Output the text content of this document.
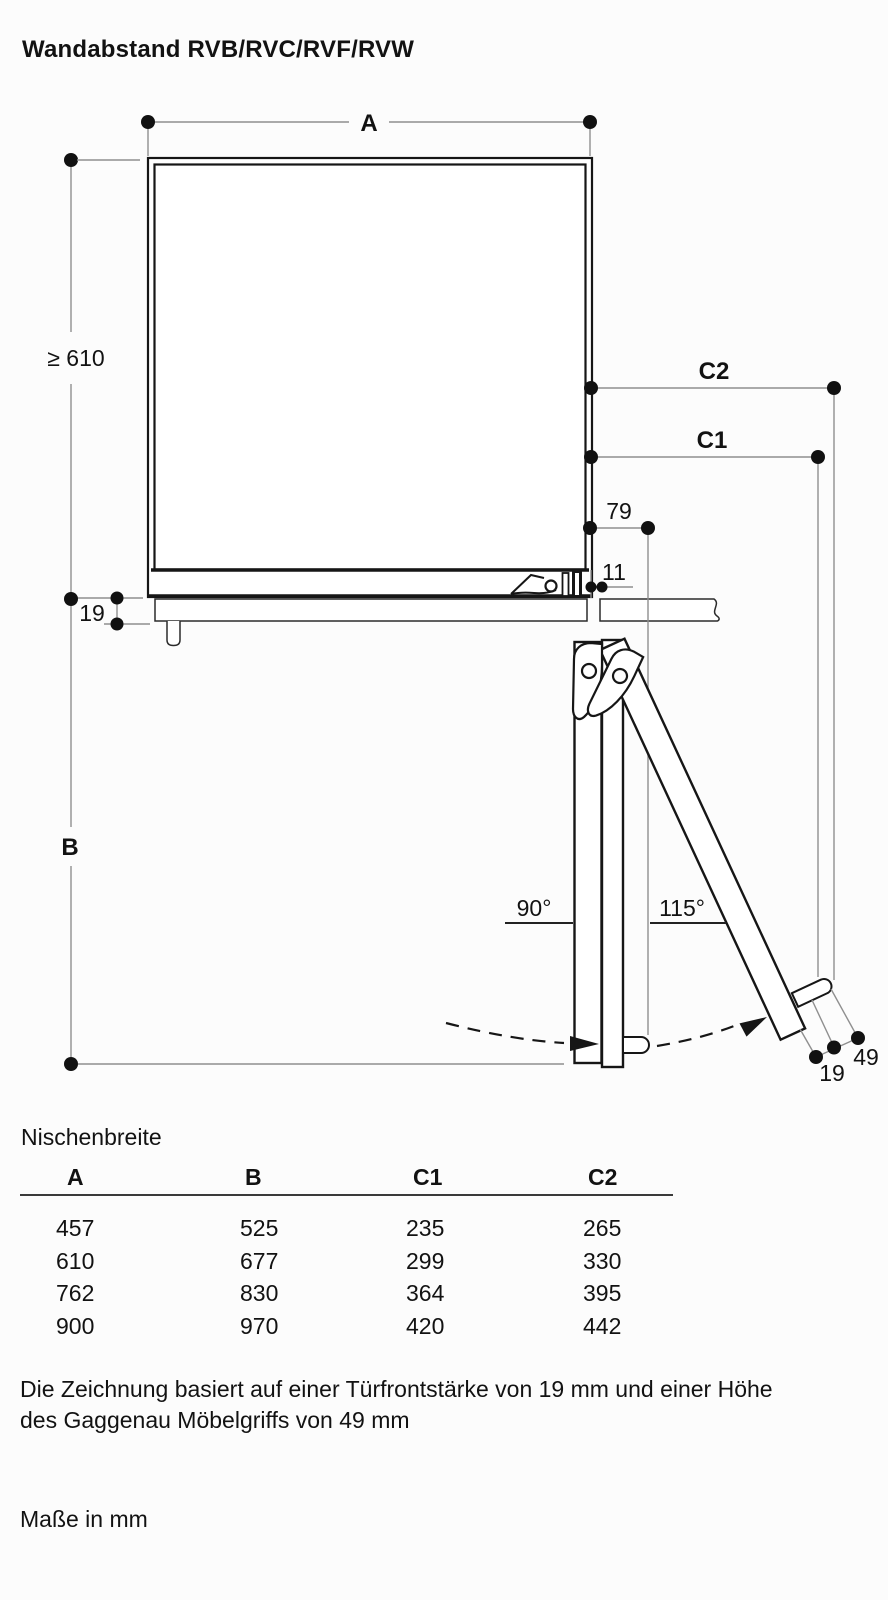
Wandabstand RVB/RVC/RVF/RVW
A
≥ 610
19
B
C2
C1
79
11
90°	115°
19
49
Nischenbreite
A	B	C1	C2
457	525	235	265
610	677	299	330
762	830	364	395
900	970	420	442
Die Zeichnung basiert auf einer Türfrontstärke von 19 mm und einer Höhe
des Gaggenau Möbelgriffs von 49 mm
Maße in mm
